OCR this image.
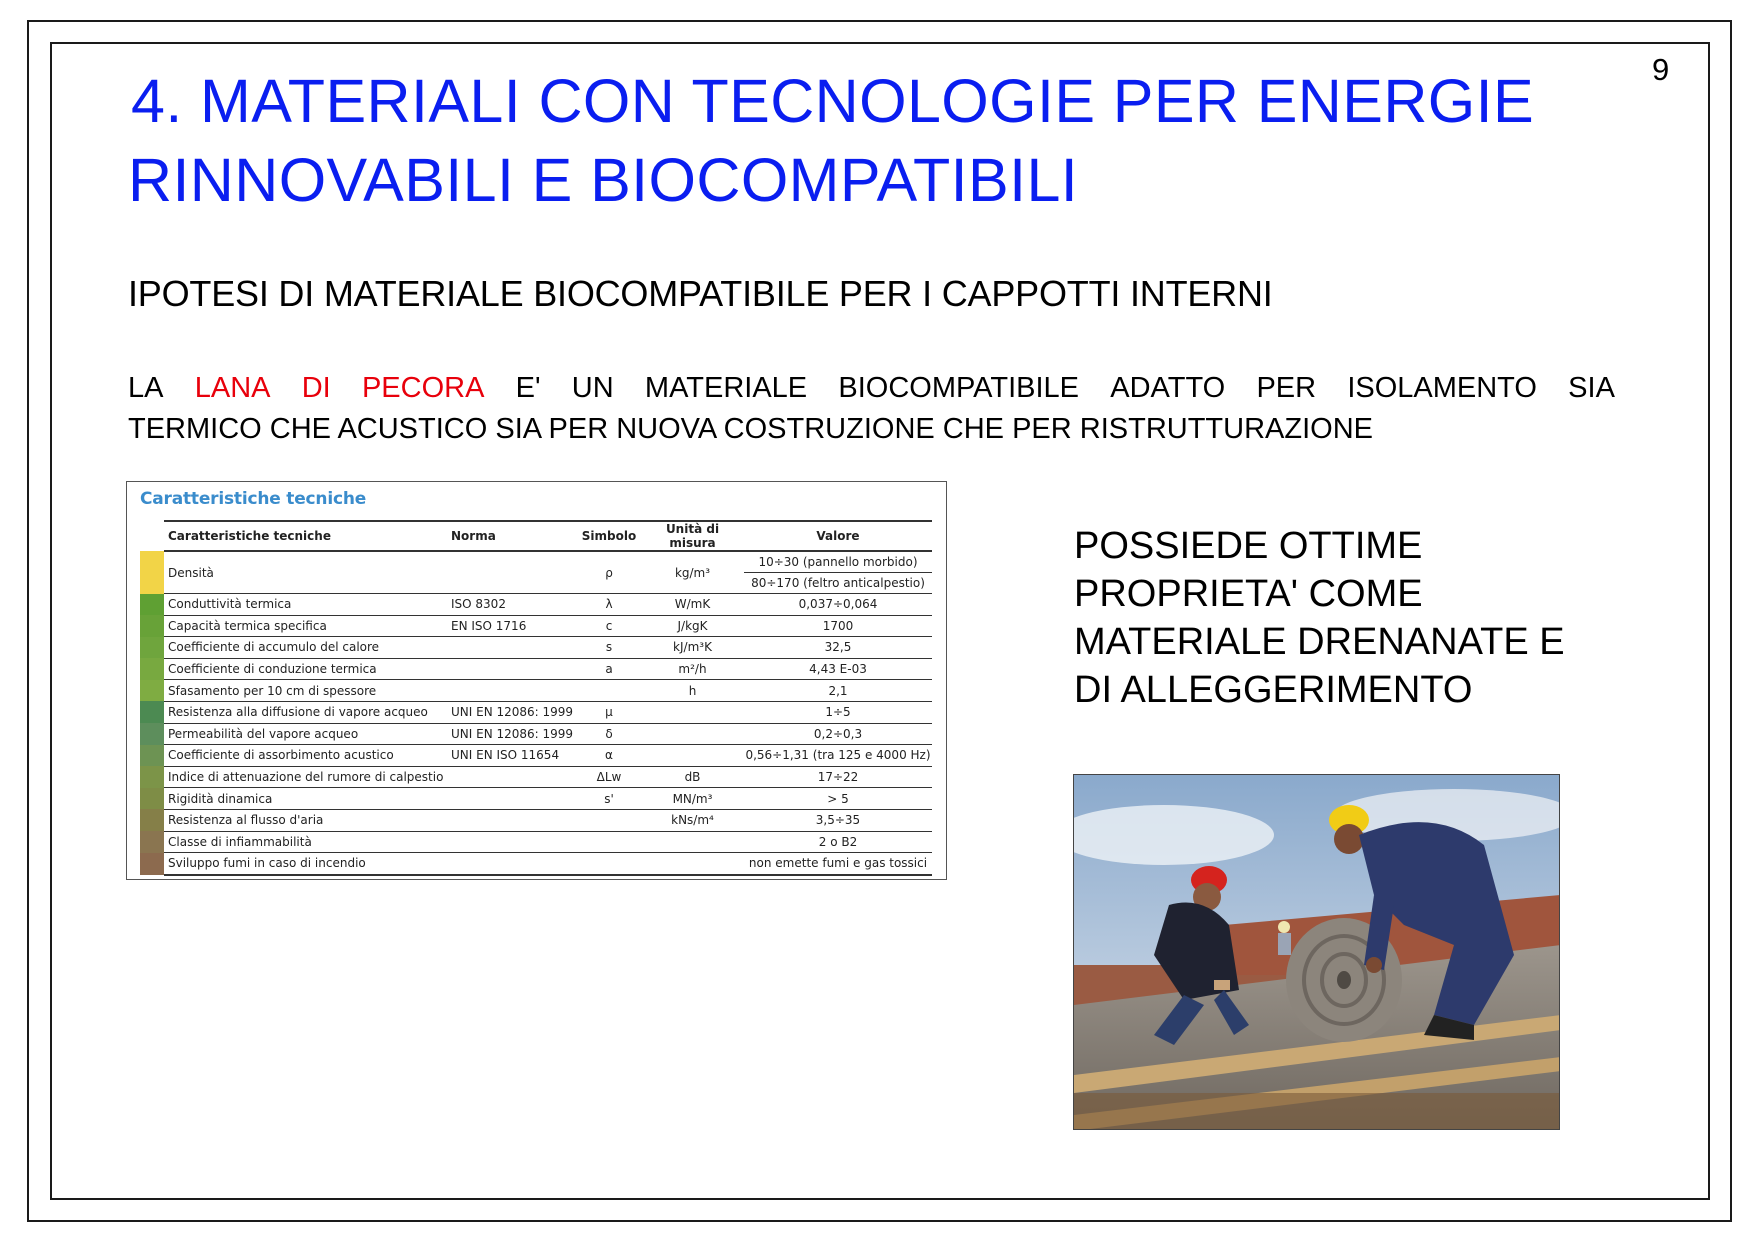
9
4. MATERIALI CON TECNOLOGIE PER ENERGIE
RINNOVABILI E BIOCOMPATIBILI
IPOTESI DI MATERIALE BIOCOMPATIBILE PER I CAPPOTTI INTERNI
LA LANA DI PECORA E' UN MATERIALE BIOCOMPATIBILE ADATTO PER ISOLAMENTO SIA
TERMICO CHE ACUSTICO SIA PER NUOVA COSTRUZIONE CHE PER RISTRUTTURAZIONE
Caratteristiche tecniche
	Caratteristiche tecniche	Norma	Simbolo	Unità di misura	Valore
	Densità		ρ	kg/m³	10÷30 (pannello morbido)
					80÷170 (feltro anticalpestio)
	Conduttività termica	ISO 8302	λ	W/mK	0,037÷0,064
	Capacità termica specifica	EN ISO 1716	c	J/kgK	1700
	Coefficiente di accumulo del calore		s	kJ/m³K	32,5
	Coefficiente di conduzione termica		a	m²/h	4,43 E-03
	Sfasamento per 10 cm di spessore			h	2,1
	Resistenza alla diffusione di vapore acqueo	UNI EN 12086: 1999	μ		1÷5
	Permeabilità del vapore acqueo	UNI EN 12086: 1999	δ		0,2÷0,3
	Coefficiente di assorbimento acustico	UNI EN ISO 11654	α		0,56÷1,31 (tra 125 e 4000 Hz)
	Indice di attenuazione del rumore di calpestio		ΔLw	dB	17÷22
	Rigidità dinamica		s'	MN/m³	> 5
	Resistenza al flusso d'aria			kNs/m⁴	3,5÷35
	Classe di infiammabilità				2 o B2
	Sviluppo fumi in caso di incendio				non emette fumi e gas tossici
POSSIEDE OTTIME
PROPRIETA' COME
MATERIALE DRENANATE E
DI ALLEGGERIMENTO
